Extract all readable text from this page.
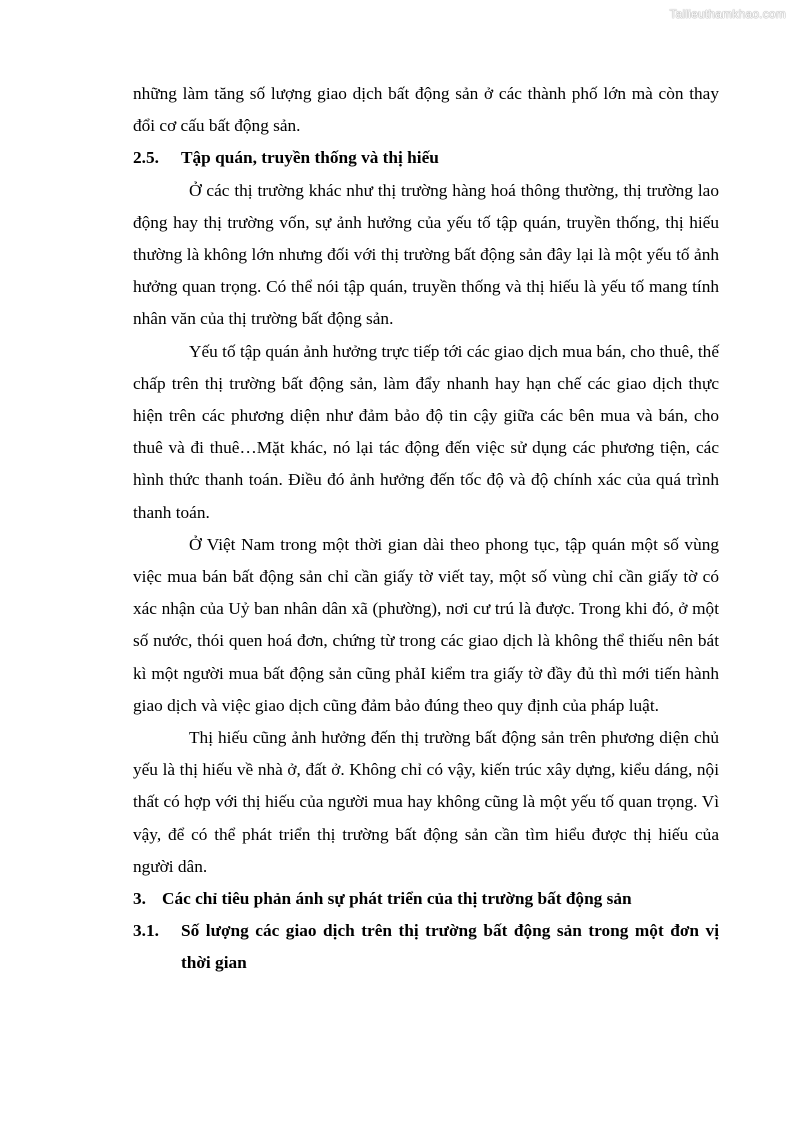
Tailieuthamkhao.com

những làm tăng số lượng giao dịch bất động sản ở các thành phố lớn mà còn thay đổi cơ cấu bất động sản.

2.5.	Tập quán, truyền thống và thị hiếu

Ở các thị trường khác như thị trường hàng hoá thông thường, thị trường lao động hay thị trường vốn, sự ảnh hưởng của yếu tố tập quán, truyền thống, thị hiếu thường là không lớn nhưng đối với thị trường bất động sản đây lại là một yếu tố ảnh hưởng quan trọng. Có thể nói tập quán, truyền thống và thị hiếu là yếu tố mang tính nhân văn của thị trường bất động sản.

Yếu tố tập quán ảnh hưởng trực tiếp tới các giao dịch mua bán, cho thuê, thế chấp trên thị trường bất động sản, làm đẩy nhanh hay hạn chế các giao dịch thực hiện trên các phương diện như đảm bảo độ tin cậy giữa các bên mua và bán, cho thuê và đi thuê…Mặt khác, nó lại tác động đến việc sử dụng các phương tiện, các hình thức thanh toán. Điều đó ảnh hưởng đến tốc độ và độ chính xác của quá trình thanh toán.

Ở Việt Nam trong một thời gian dài theo phong tục, tập quán một số vùng việc mua bán bất động sản chỉ cần giấy tờ viết tay, một số vùng chỉ cần giấy tờ có xác nhận của Uỷ ban nhân dân xã (phường), nơi cư trú là được. Trong khi đó, ở một số nước, thói quen hoá đơn, chứng từ trong các giao dịch là không thể thiếu nên bát kì một người mua bất động sản cũng phảI kiểm tra giấy tờ đầy đủ thì mới tiến hành giao dịch và việc giao dịch cũng đảm bảo đúng theo quy định của pháp luật.

Thị hiếu cũng ảnh hưởng đến thị trường bất động sản trên phương diện chủ yếu là thị hiếu về nhà ở, đất ở. Không chỉ có vậy, kiến trúc xây dựng, kiểu dáng, nội thất có hợp với thị hiếu của người mua hay không cũng là một yếu tố quan trọng. Vì vậy, để có thể phát triển thị trường bất động sản cần tìm hiểu được thị hiếu của người dân.

3. Các chỉ tiêu phản ánh sự phát triển của thị trường bất động sản
3.1.	Số lượng các giao dịch trên thị trường bất động sản trong một đơn vị thời gian
